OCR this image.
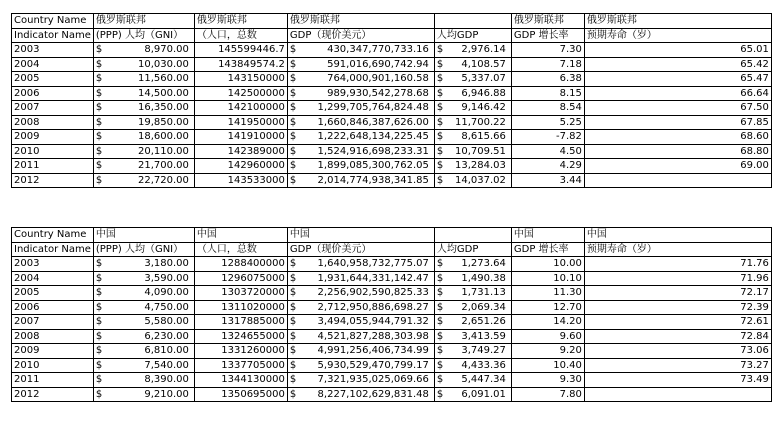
Country Name	俄罗斯联邦	俄罗斯联邦	俄罗斯联邦		俄罗斯联邦	俄罗斯联邦
Indicator Name	(PPP) 人均（GNI）	（人口，总数	GDP（现价美元）	人均GDP	GDP 增长率	预期寿命（岁）
2003	$ 8,970.00	145599446.7	$ 430,347,770,733.16	$ 2,976.14	7.30	65.01
2004	$ 10,030.00	143849574.2	$ 591,016,690,742.94	$ 4,108.57	7.18	65.42
2005	$ 11,560.00	143150000	$ 764,000,901,160.58	$ 5,337.07	6.38	65.47
2006	$ 14,500.00	142500000	$ 989,930,542,278.68	$ 6,946.88	8.15	66.64
2007	$ 16,350.00	142100000	$ 1,299,705,764,824.48	$ 9,146.42	8.54	67.50
2008	$ 19,850.00	141950000	$ 1,660,846,387,626.00	$ 11,700.22	5.25	67.85
2009	$ 18,600.00	141910000	$ 1,222,648,134,225.45	$ 8,615.66	-7.82	68.60
2010	$ 20,110.00	142389000	$ 1,524,916,698,233.31	$ 10,709.51	4.50	68.80
2011	$ 21,700.00	142960000	$ 1,899,085,300,762.05	$ 13,284.03	4.29	69.00
2012	$ 22,720.00	143533000	$ 2,014,774,938,341.85	$ 14,037.02	3.44	
Country Name	中国	中国	中国		中国	中国
Indicator Name	(PPP) 人均（GNI）	（人口，总数	GDP（现价美元）	人均GDP	GDP 增长率	预期寿命（岁）
2003	$ 3,180.00	1288400000	$ 1,640,958,732,775.07	$ 1,273.64	10.00	71.76
2004	$ 3,590.00	1296075000	$ 1,931,644,331,142.47	$ 1,490.38	10.10	71.96
2005	$ 4,090.00	1303720000	$ 2,256,902,590,825.33	$ 1,731.13	11.30	72.17
2006	$ 4,750.00	1311020000	$ 2,712,950,886,698.27	$ 2,069.34	12.70	72.39
2007	$ 5,580.00	1317885000	$ 3,494,055,944,791.32	$ 2,651.26	14.20	72.61
2008	$ 6,230.00	1324655000	$ 4,521,827,288,303.98	$ 3,413.59	9.60	72.84
2009	$ 6,810.00	1331260000	$ 4,991,256,406,734.99	$ 3,749.27	9.20	73.06
2010	$ 7,540.00	1337705000	$ 5,930,529,470,799.17	$ 4,433.36	10.40	73.27
2011	$ 8,390.00	1344130000	$ 7,321,935,025,069.66	$ 5,447.34	9.30	73.49
2012	$ 9,210.00	1350695000	$ 8,227,102,629,831.48	$ 6,091.01	7.80	
